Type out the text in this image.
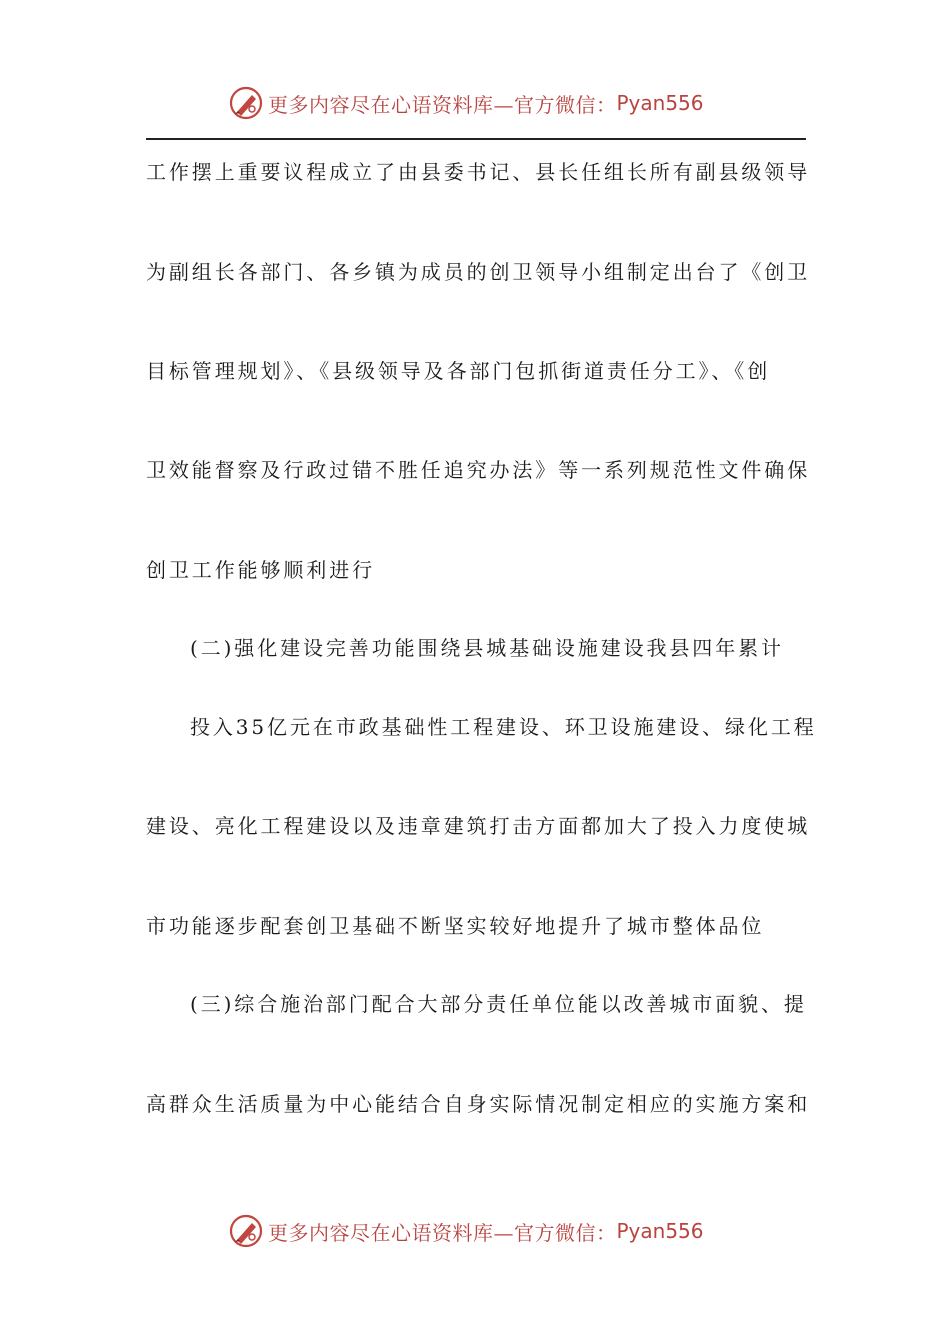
更多内容尽在心语资料库—官方微信： Pyan556
工作摆上重要议程成立了由县委书记、县长任组长所有副县级领导
为副组长各部门、各乡镇为成员的创卫领导小组制定出台了《创卫
目标管理规划》、《县级领导及各部门包抓街道责任分工》、《创
卫效能督察及行政过错不胜任追究办法》等一系列规范性文件确保
创卫工作能够顺利进行
(二)强化建设完善功能围绕县城基础设施建设我县四年累计
投入35亿元在市政基础性工程建设、环卫设施建设、绿化工程
建设、亮化工程建设以及违章建筑打击方面都加大了投入力度使城
市功能逐步配套创卫基础不断坚实较好地提升了城市整体品位
(三)综合施治部门配合大部分责任单位能以改善城市面貌、提
高群众生活质量为中心能结合自身实际情况制定相应的实施方案和
更多内容尽在心语资料库—官方微信： Pyan556
